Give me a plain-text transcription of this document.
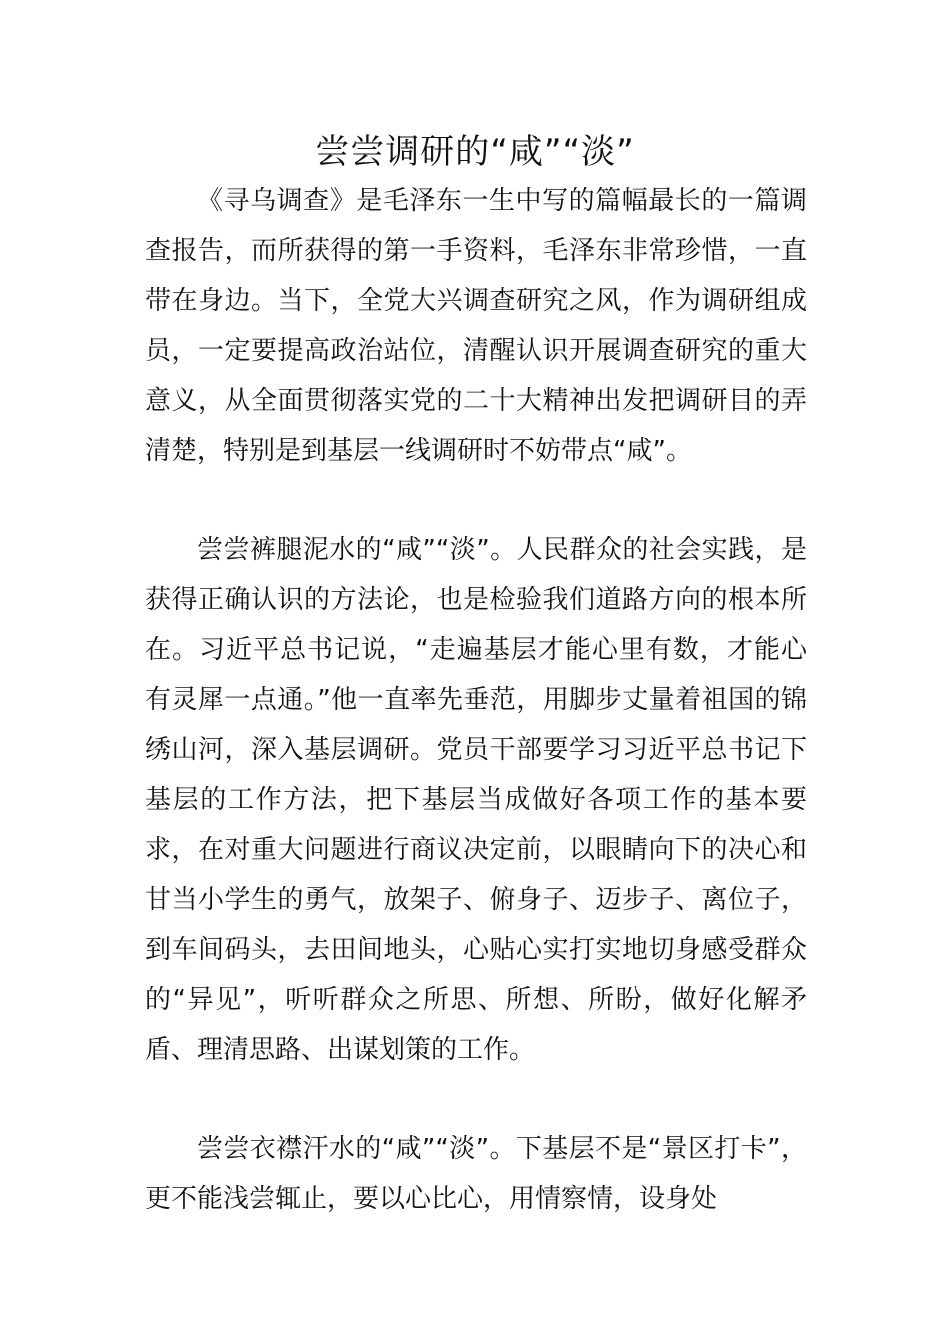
尝尝调研的“咸”“淡”

《寻乌调查》是毛泽东一生中写的篇幅最长的一篇调查报告，而所获得的第一手资料，毛泽东非常珍惜，一直带在身边。当下，全党大兴调查研究之风，作为调研组成员，一定要提高政治站位，清醒认识开展调查研究的重大意义，从全面贯彻落实党的二十大精神出发把调研目的弄清楚，特别是到基层一线调研时不妨带点“咸”。

尝尝裤腿泥水的“咸”“淡”。人民群众的社会实践，是获得正确认识的方法论，也是检验我们道路方向的根本所在。习近平总书记说，“走遍基层才能心里有数，才能心有灵犀一点通。”他一直率先垂范，用脚步丈量着祖国的锦绣山河，深入基层调研。党员干部要学习习近平总书记下基层的工作方法，把下基层当成做好各项工作的基本要求，在对重大问题进行商议决定前，以眼睛向下的决心和甘当小学生的勇气，放架子、俯身子、迈步子、离位子，到车间码头，去田间地头，心贴心实打实地切身感受群众的“异见”，听听群众之所思、所想、所盼，做好化解矛盾、理清思路、出谋划策的工作。

尝尝衣襟汗水的“咸”“淡”。下基层不是“景区打卡”，更不能浅尝辄止，要以心比心，用情察情，设身处
